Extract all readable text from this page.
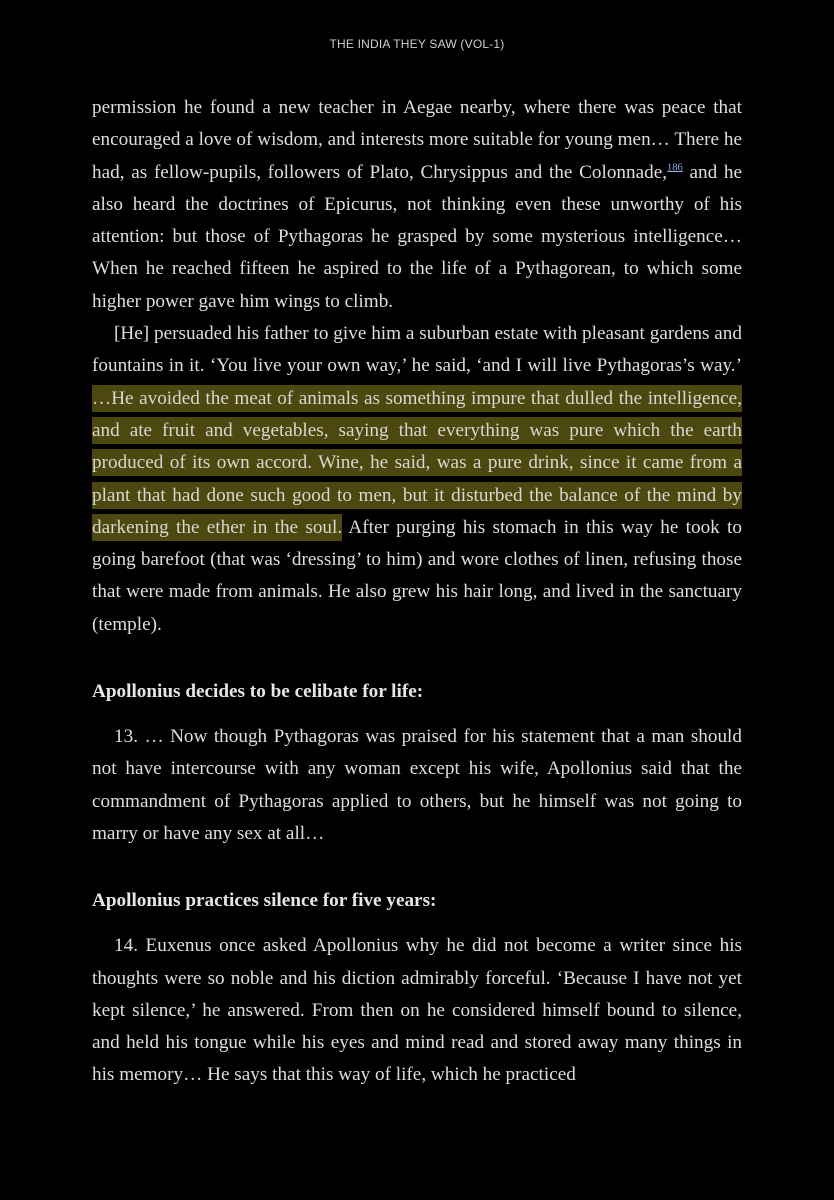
THE INDIA THEY SAW (VOL-1)

permission he found a new teacher in Aegae nearby, where there was peace that encouraged a love of wisdom, and interests more suitable for young men… There he had, as fellow-pupils, followers of Plato, Chrysippus and the Colonnade,$^{186}$ and he also heard the doctrines of Epicurus, not thinking even these unworthy of his attention: but those of Pythagoras he grasped by some mysterious intelligence… When he reached fifteen he aspired to the life of a Pythagorean, to which some higher power gave him wings to climb.

[He] persuaded his father to give him a suburban estate with pleasant gardens and fountains in it. ‘You live your own way,’ he said, ‘and I will live Pythagoras’s way.’ …He avoided the meat of animals as something impure that dulled the intelligence, and ate fruit and vegetables, saying that everything was pure which the earth produced of its own accord. Wine, he said, was a pure drink, since it came from a plant that had done such good to men, but it disturbed the balance of the mind by darkening the ether in the soul. After purging his stomach in this way he took to going barefoot (that was ‘dressing’ to him) and wore clothes of linen, refusing those that were made from animals. He also grew his hair long, and lived in the sanctuary (temple).

Apollonius decides to be celibate for life:

13. … Now though Pythagoras was praised for his statement that a man should not have intercourse with any woman except his wife, Apollonius said that the commandment of Pythagoras applied to others, but he himself was not going to marry or have any sex at all…

Apollonius practices silence for five years:

14. Euxenus once asked Apollonius why he did not become a writer since his thoughts were so noble and his diction admirably forceful. ‘Because I have not yet kept silence,’ he answered. From then on he considered himself bound to silence, and held his tongue while his eyes and mind read and stored away many things in his memory… He says that this way of life, which he practiced
